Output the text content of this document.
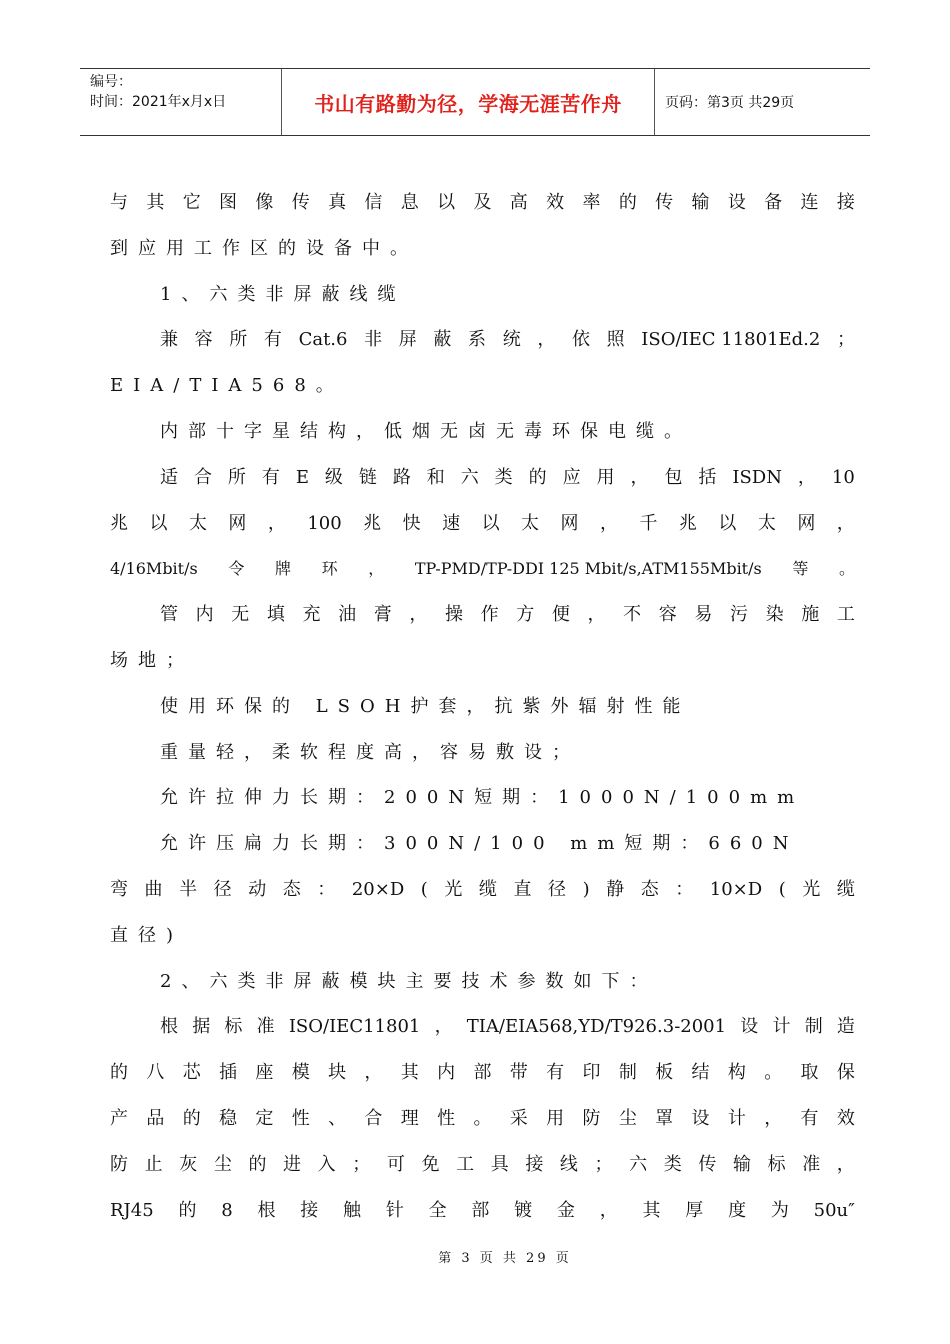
编号：
时间：2021年x月x日	书山有路勤为径，学海无涯苦作舟	页码：第3页 共29页
与 其 它 图 像 传 真 信 息 以 及 高 效 率 的 传 输 设 备 连 接
到应用工作区的设备中。
1、六类非屏蔽线缆
兼 容 所 有 Cat.6 非 屏 蔽 系 统 ， 依 照 ISO/IEC 11801Ed.2 ；
EIA/TIA568。
内部十字星结构，低烟无卤无毒环保电缆。
适 合 所 有 E 级 链 路 和 六 类 的 应 用 ， 包 括 ISDN ， 10
兆 以 太 网 ， 100 兆 快 速 以 太 网 ， 千 兆 以 太 网 ，
4/16Mbit/s 令 牌 环 ， TP-PMD/TP-DDI 125 Mbit/s,ATM155Mbit/s 等 。
管 内 无 填 充 油 膏 ， 操 作 方 便 ， 不 容 易 污 染 施 工
场地；
使用环保的 LSOH护套，抗紫外辐射性能
重量轻，柔软程度高，容易敷设；
允许拉伸力长期：200N短期：1000N/100mm
允许压扁力长期：300N/100 mm短期：660N
弯 曲 半 径 动 态 ： 20×D ( 光 缆 直 径 ) 静 态 ： 10×D ( 光 缆
直径)
2、六类非屏蔽模块主要技术参数如下：
根 据 标 准 ISO/IEC11801 ， TIA/EIA568,YD/T926.3-2001 设 计 制 造
的 八 芯 插 座 模 块 ， 其 内 部 带 有 印 制 板 结 构 。 取 保
产 品 的 稳 定 性 、 合 理 性 。 采 用 防 尘 罩 设 计 ， 有 效
防 止 灰 尘 的 进 入 ； 可 免 工 具 接 线 ； 六 类 传 输 标 准 ，
RJ45 的 8 根 接 触 针 全 部 镀 金 ， 其 厚 度 为 50u″
第 3 页 共 29 页
